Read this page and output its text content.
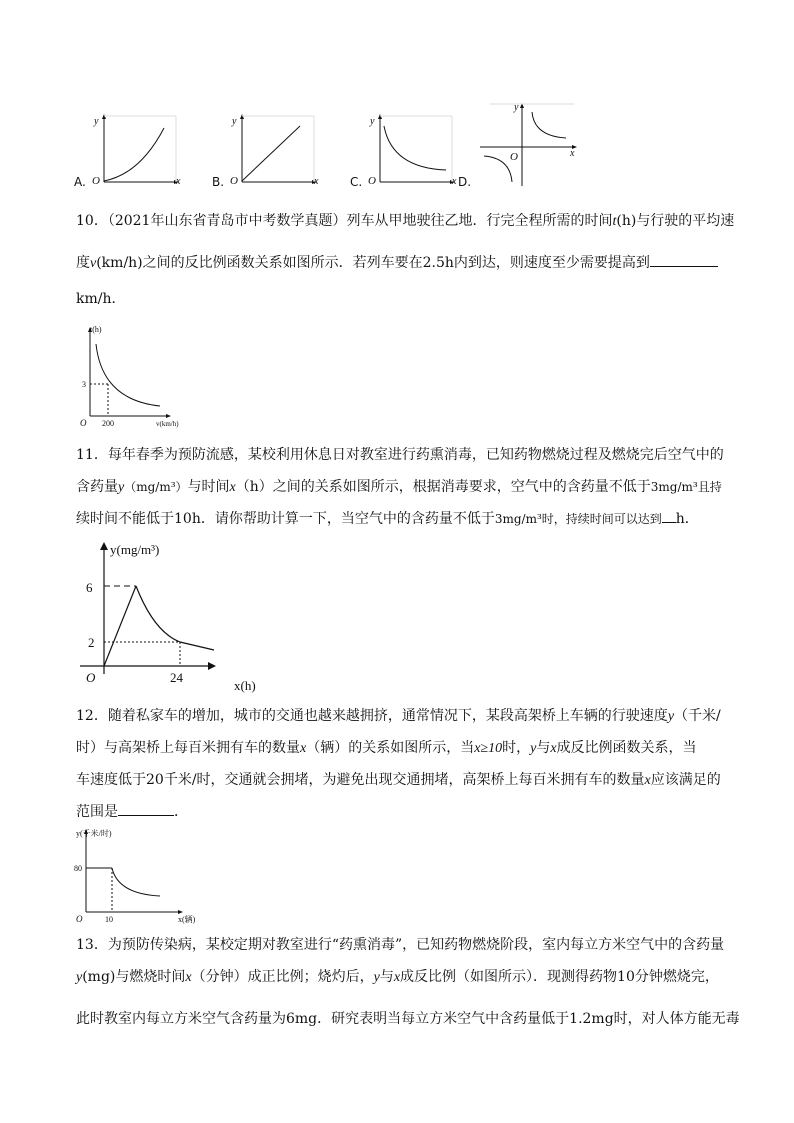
A.
y
O	x	B.
y
O	x	C.
y
O	x D.
y
O	x
10．（2021年山东省青岛市中考数学真题）列车从甲地驶往乙地．行完全程所需的时间t(h)与行驶的平均速
度v(km/h)之间的反比例函数关系如图所示．若列车要在2.5h内到达，则速度至少需要提高到
km/h．
t(h)
3
O 200	v(km/h)
11．每年春季为预防流感，某校利用休息日对教室进行药熏消毒，已知药物燃烧过程及燃烧完后空气中的
含药量y（mg/m³）与时间x（h）之间的关系如图所示，根据消毒要求，空气中的含药量不低于3mg/m³且持
续时间不能低于10h．请你帮助计算一下，当空气中的含药量不低于3mg/m³时，持续时间可以达到 h．
y(mg/m³)
6
2
O	24
x(h)
12．随着私家车的增加，城市的交通也越来越拥挤，通常情况下，某段高架桥上车辆的行驶速度y（千米/
时）与高架桥上每百米拥有车的数量x（辆）的关系如图所示，当x≥10时，y与x成反比例函数关系，当
车速度低于20千米/时，交通就会拥堵，为避免出现交通拥堵，高架桥上每百米拥有车的数量x应该满足的
范围是	．
y(千米/时)
80
O	10	x(辆)
13．为预防传染病，某校定期对教室进行“药熏消毒”，已知药物燃烧阶段，室内每立方米空气中的含药量
y(mg)与燃烧时间x（分钟）成正比例；烧灼后，y与x成反比例（如图所示）．现测得药物10分钟燃烧完，
此时教室内每立方米空气含药量为6mg．研究表明当每立方米空气中含药量低于1.2mg时，对人体方能无毒
